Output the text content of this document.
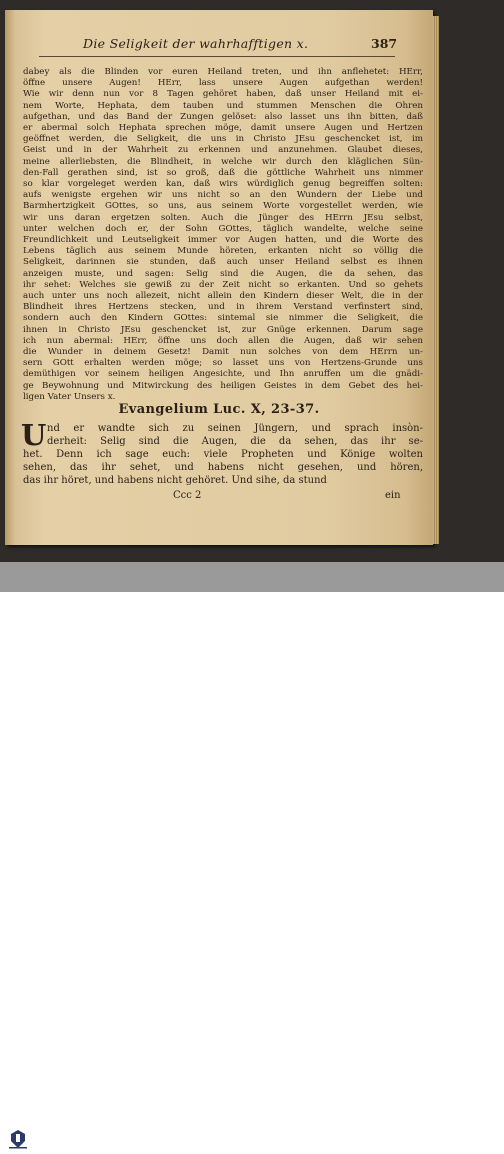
Die Seligkeit der wahrhafftigen x.	387
dabey als die Blinden vor euren Heiland treten, und ihn anflehetet: HErr,
öffne unsere Augen! HErr, lass unsere Augen aufgethan werden!
Wie wir denn nun vor 8 Tagen gehöret haben, daß unser Heiland mit ei-
nem Worte, Hephata, dem tauben und stummen Menschen die Ohren
aufgethan, und das Band der Zungen gelöset: also lasset uns ihn bitten, daß
er abermal solch Hephata sprechen möge, damit unsere Augen und Hertzen
geöffnet werden, die Seligkeit, die uns in Christo JEsu geschencket ist, im
Geist und in der Wahrheit zu erkennen und anzunehmen. Glaubet dieses,
meine allerliebsten, die Blindheit, in welche wir durch den kläglichen Sün-
den-Fall gerathen sind, ist so groß, daß die göttliche Wahrheit uns nimmer
so klar vorgeleget werden kan, daß wirs würdiglich genug begreiffen solten:
aufs wenigste ergehen wir uns nicht so an den Wundern der Liebe und
Barmhertzigkeit GOttes, so uns, aus seinem Worte vorgestellet werden, wie
wir uns daran ergetzen solten. Auch die Jünger des HErrn JEsu selbst,
unter welchen doch er, der Sohn GOttes, täglich wandelte, welche seine
Freundlichkeit und Leutseligkeit immer vor Augen hatten, und die Worte des
Lebens täglich aus seinem Munde höreten, erkanten nicht so völlig die
Seligkeit, darinnen sie stunden, daß auch unser Heiland selbst es ihnen
anzeigen muste, und sagen: Selig sind die Augen, die da sehen, das
ihr sehet: Welches sie gewiß zu der Zeit nicht so erkanten. Und so gehets
auch unter uns noch allezeit, nicht allein den Kindern dieser Welt, die in der
Blindheit ihres Hertzens stecken, und in ihrem Verstand verfinstert sind,
sondern auch den Kindern GOttes: sintemal sie nimmer die Seligkeit, die
ihnen in Christo JEsu geschencket ist, zur Gnüge erkennen. Darum sage
ich nun abermal: HErr, öffne uns doch allen die Augen, daß wir sehen
die Wunder in deinem Gesetz! Damit nun solches von dem HErrn un-
sern GOtt erhalten werden möge; so lasset uns von Hertzens-Grunde uns
demüthigen vor seinem heiligen Angesichte, und Ihn anruffen um die gnädi-
ge Beywohnung und Mitwirckung des heiligen Geistes in dem Gebet des hei-
ligen Vater Unsers x.
Evangelium Luc. X, 23-37.
U nd er wandte sich zu seinen Jüngern, und sprach insòn-
derheit: Selig sind die Augen, die da sehen, das ihr se-
het. Denn ich sage euch: viele Propheten und Könige wolten
sehen, das ihr sehet, und habens nicht gesehen, und hören,
das ihr höret, und habens nicht gehöret. Und sihe, da stund
Ccc 2	ein
DFG
